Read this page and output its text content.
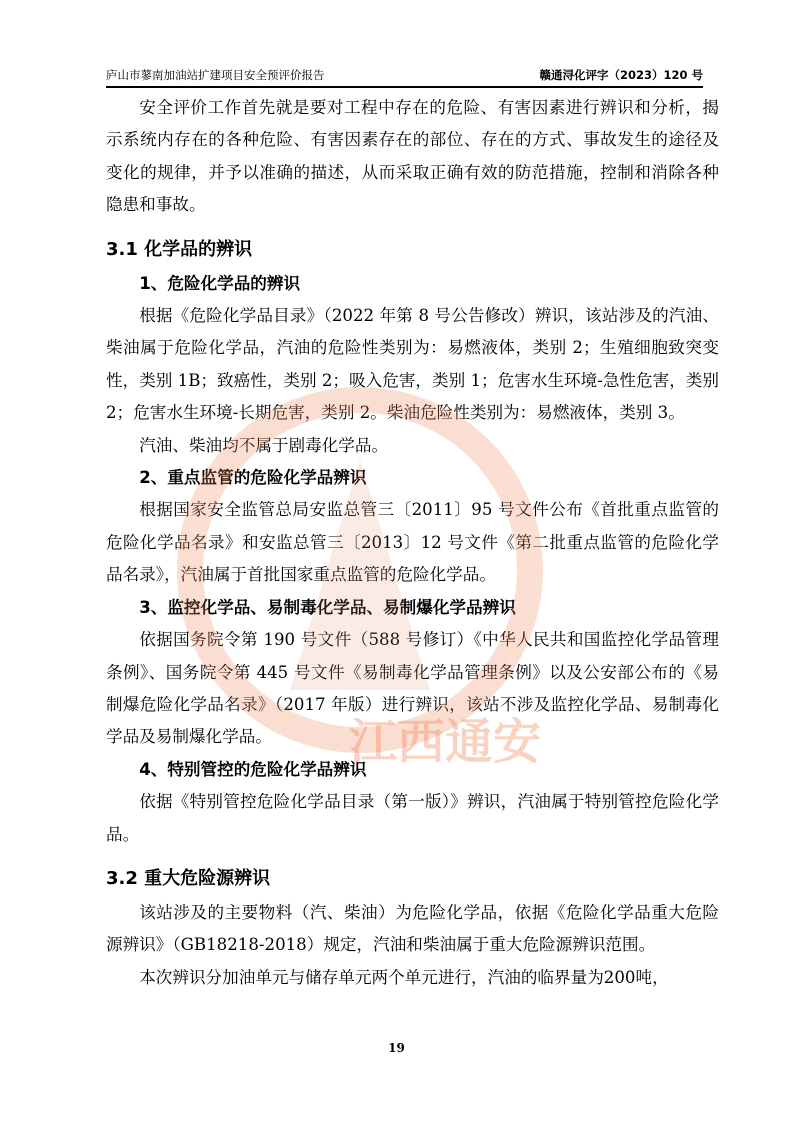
庐山市蓼南加油站扩建项目安全预评价报告	赣通浔化评字（2023）120 号

安全评价工作首先就是要对工程中存在的危险、有害因素进行辨识和分析，揭示系统内存在的各种危险、有害因素存在的部位、存在的方式、事故发生的途径及变化的规律，并予以准确的描述，从而采取正确有效的防范措施，控制和消除各种隐患和事故。

3.1 化学品的辨识
1、危险化学品的辨识

根据《危险化学品目录》（2022 年第 8 号公告修改）辨识，该站涉及的汽油、柴油属于危险化学品，汽油的危险性类别为：易燃液体，类别 2；生殖细胞致突变性，类别 1B；致癌性，类别 2；吸入危害，类别 1；危害水生环境-急性危害，类别 2；危害水生环境-长期危害，类别 2。柴油危险性类别为：易燃液体，类别 3。

汽油、柴油均不属于剧毒化学品。

2、重点监管的危险化学品辨识

根据国家安全监管总局安监总管三〔2011〕95 号文件公布《首批重点监管的危险化学品名录》和安监总管三〔2013〕12 号文件《第二批重点监管的危险化学品名录》，汽油属于首批国家重点监管的危险化学品。

3、监控化学品、易制毒化学品、易制爆化学品辨识

依据国务院令第 190 号文件（588 号修订）《中华人民共和国监控化学品管理条例》、国务院令第 445 号文件《易制毒化学品管理条例》以及公安部公布的《易制爆危险化学品名录》（2017 年版）进行辨识，该站不涉及监控化学品、易制毒化学品及易制爆化学品。

4、特别管控的危险化学品辨识

依据《特别管控危险化学品目录（第一版）》辨识，汽油属于特别管控危险化学品。

3.2 重大危险源辨识

该站涉及的主要物料（汽、柴油）为危险化学品，依据《危险化学品重大危险源辨识》（GB18218-2018）规定，汽油和柴油属于重大危险源辨识范围。

本次辨识分加油单元与储存单元两个单元进行，汽油的临界量为200吨，

江西通安
19
